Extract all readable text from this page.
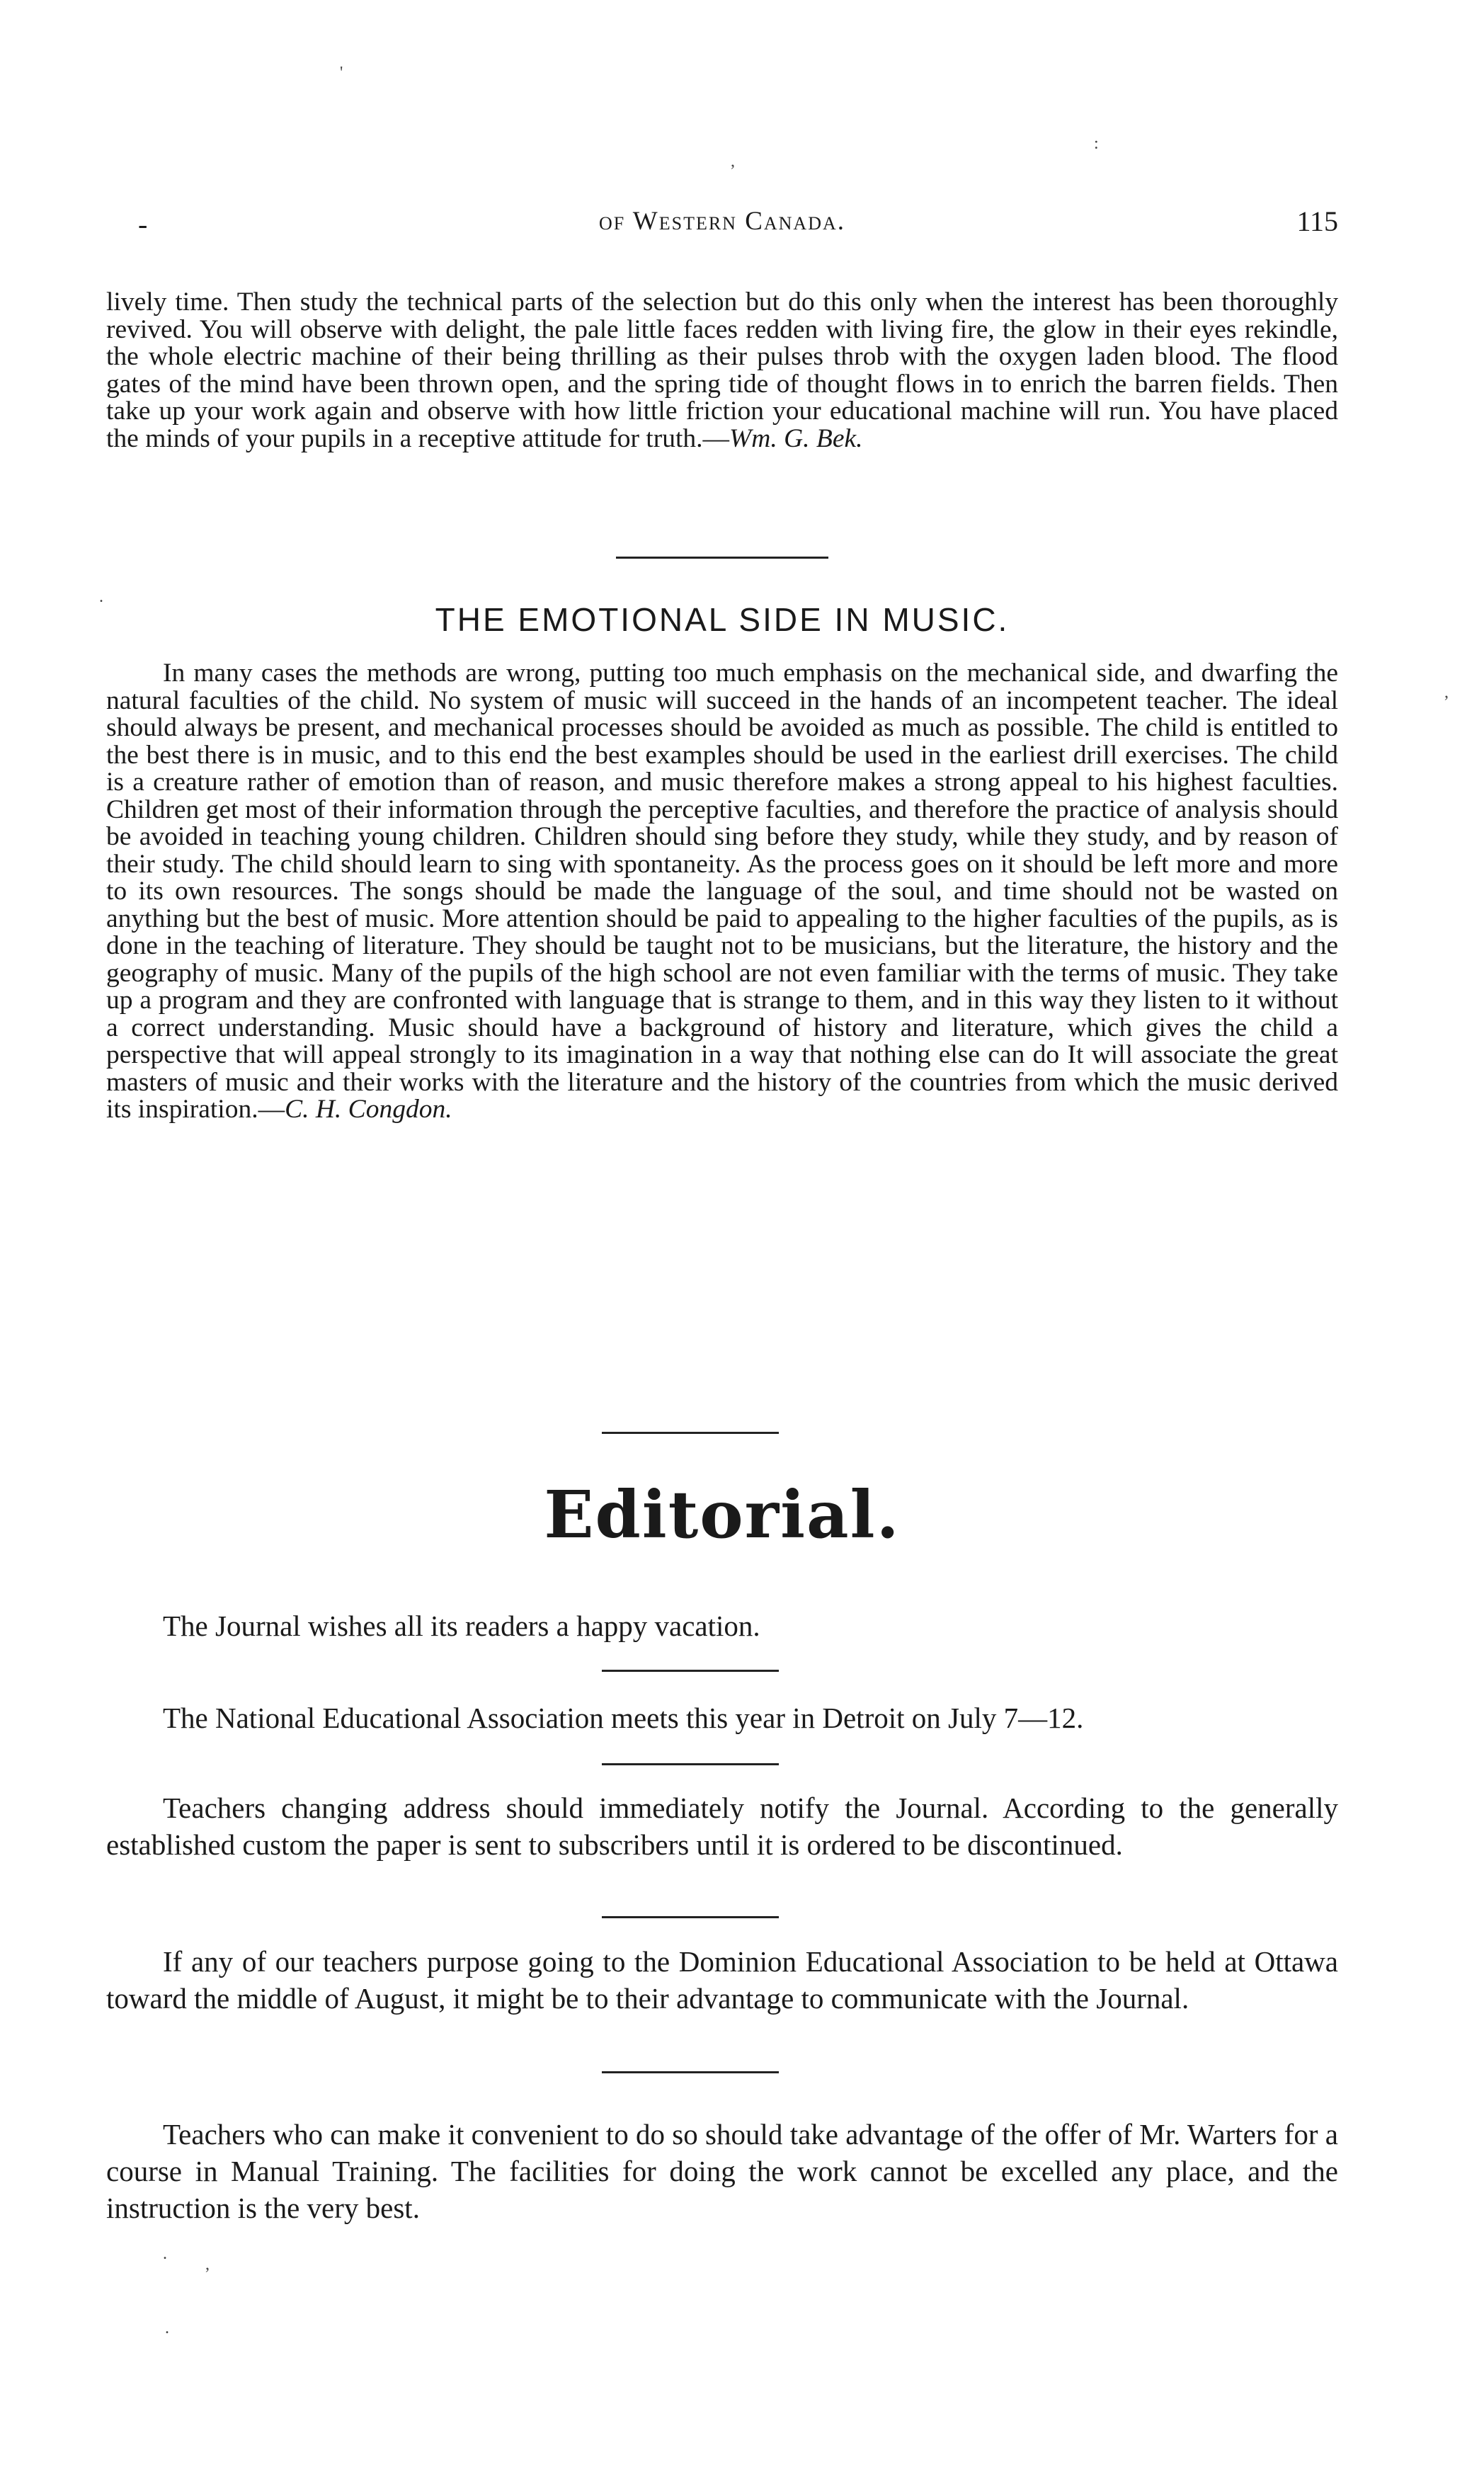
-	of Western Canada.	115

lively time. Then study the technical parts of the selection but do this only when the interest has been thoroughly revived. You will observe with delight, the pale little faces redden with living fire, the glow in their eyes rekindle, the whole electric machine of their being thrilling as their pulses throb with the oxygen laden blood. The flood gates of the mind have been thrown open, and the spring tide of thought flows in to enrich the barren fields. Then take up your work again and observe with how little friction your educational machine will run. You have placed the minds of your pupils in a receptive attitude for truth.—Wm. G. Bek.

THE EMOTIONAL SIDE IN MUSIC.

In many cases the methods are wrong, putting too much emphasis on the mechanical side, and dwarfing the natural faculties of the child. No system of music will succeed in the hands of an incompetent teacher. The ideal should always be present, and mechanical processes should be avoided as much as possible. The child is entitled to the best there is in music, and to this end the best examples should be used in the earliest drill exercises. The child is a creature rather of emotion than of reason, and music therefore makes a strong appeal to his highest faculties. Children get most of their information through the perceptive faculties, and therefore the practice of analysis should be avoided in teaching young children. Children should sing before they study, while they study, and by reason of their study. The child should learn to sing with spontaneity. As the process goes on it should be left more and more to its own resources. The songs should be made the language of the soul, and time should not be wasted on anything but the best of music. More attention should be paid to appealing to the higher faculties of the pupils, as is done in the teaching of literature. They should be taught not to be musicians, but the literature, the history and the geography of music. Many of the pupils of the high school are not even familiar with the terms of music. They take up a program and they are confronted with language that is strange to them, and in this way they listen to it without a correct understanding. Music should have a background of history and literature, which gives the child a perspective that will appeal strongly to its imagination in a way that nothing else can do It will associate the great masters of music and their works with the literature and the history of the countries from which the music derived its inspiration.—C. H. Congdon.

Editorial.

The Journal wishes all its readers a happy vacation.

The National Educational Association meets this year in Detroit on July 7—12.

Teachers changing address should immediately notify the Journal. According to the generally established custom the paper is sent to subscribers until it is ordered to be discontinued.

If any of our teachers purpose going to the Dominion Educational Association to be held at Ottawa toward the middle of August, it might be to their advantage to communicate with the Journal.

Teachers who can make it convenient to do so should take advantage of the offer of Mr. Warters for a course in Manual Training. The facilities for doing the work cannot be excelled any place, and the instruction is the very best.

'
,
:
.
,
.
,
.
